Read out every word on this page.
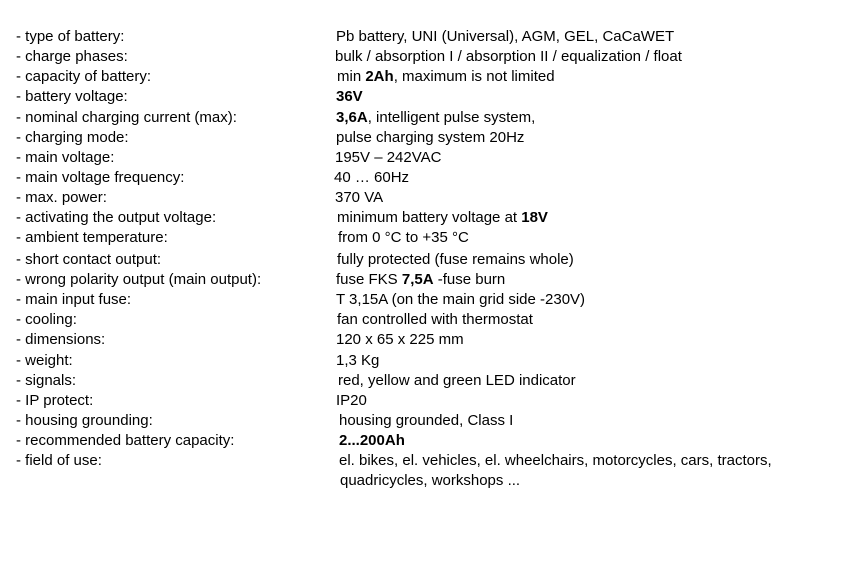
- type of battery:	Pb battery, UNI (Universal), AGM, GEL, CaCaWET
- charge phases:	bulk / absorption I / absorption II / equalization / float
- capacity of battery:	min 2Ah, maximum is not limited
- battery voltage:	36V
- nominal charging current (max):	3,6A, intelligent pulse system,
- charging mode:	pulse charging system 20Hz
- main voltage:	195V – 242VAC
- main voltage frequency:	40 … 60Hz
- max. power:	370 VA
- activating the output voltage:	minimum battery voltage at 18V
- ambient temperature:	from 0 °C to +35 °C
- short contact output:	fully protected (fuse remains whole)
- wrong polarity output (main output):	fuse FKS 7,5A -fuse burn
- main input fuse:	T 3,15A (on the main grid side -230V)
- cooling:	fan controlled with thermostat
- dimensions:	120 x 65 x 225 mm
- weight:	1,3 Kg
- signals:	red, yellow and green LED indicator
- IP protect:	IP20
- housing grounding:	housing grounded, Class I
- recommended battery capacity:	2...200Ah
- field of use:	el. bikes, el. vehicles, el. wheelchairs, motorcycles, cars, tractors,
quadricycles, workshops ...
